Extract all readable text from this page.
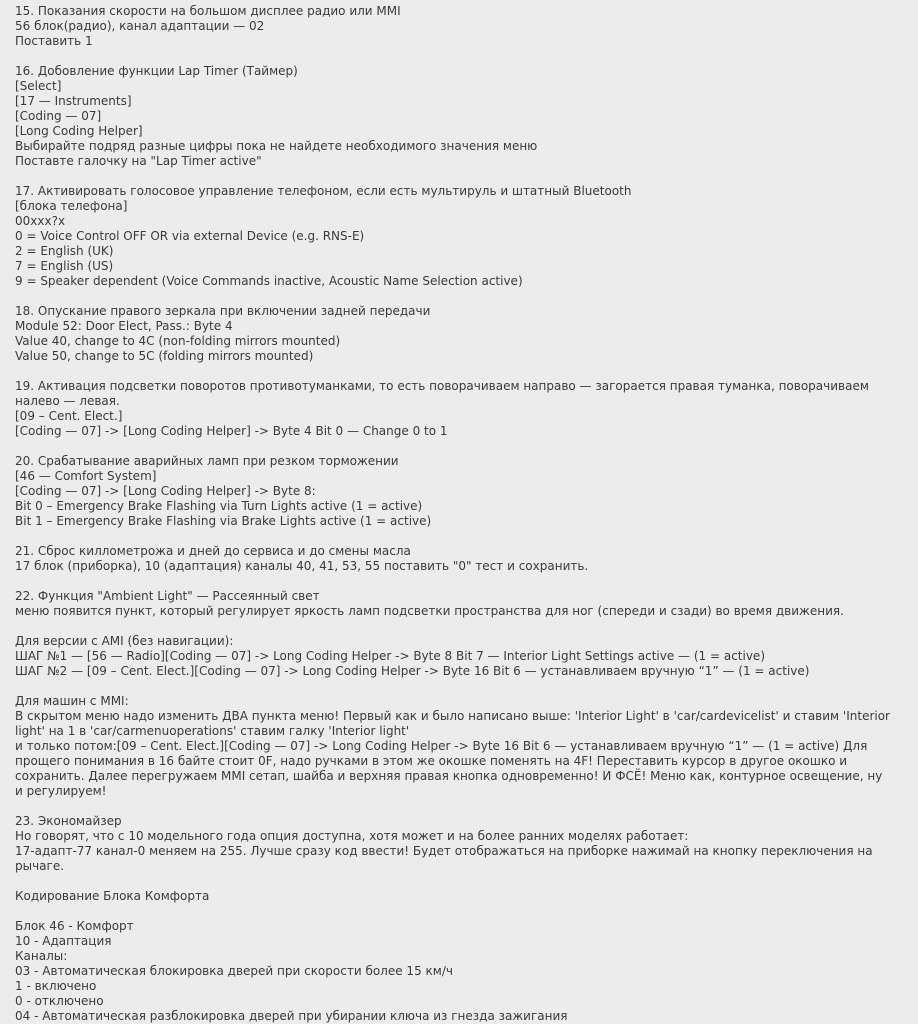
15. Показания скорости на большом дисплее радио или MMI
56 блок(радио), канал адаптации — 02
Поставить 1
16. Добовление функции Lap Timer (Таймер)
[Select]
[17 — Instruments]
[Coding — 07]
[Long Coding Helper]
Выбирайте подряд разные цифры пока не найдете необходимого значения меню
Поставте галочку на "Lap Timer active"
17. Активировать голосовое управление телефоном, если есть мультируль и штатный Bluetooth
[блока телефона]
00xxx?x
0 = Voice Control OFF OR via external Device (e.g. RNS-E)
2 = English (UK)
7 = English (US)
9 = Speaker dependent (Voice Commands inactive, Acoustic Name Selection active)
18. Опускание правого зеркала при включении задней передачи
Module 52: Door Elect, Pass.: Byte 4
Value 40, change to 4C (non-folding mirrors mounted)
Value 50, change to 5C (folding mirrors mounted)
19. Активация подсветки поворотов противотуманками, то есть поворачиваем направо — загорается правая туманка, поворачиваем налево — левая.
[09 – Cent. Elect.]
[Coding — 07] -> [Long Coding Helper] -> Byte 4 Bit 0 — Change 0 to 1
20. Срабатывание аварийных ламп при резком торможении
[46 — Comfort System]
[Coding — 07] -> [Long Coding Helper] -> Byte 8:
Bit 0 – Emergency Brake Flashing via Turn Lights active (1 = active)
Bit 1 – Emergency Brake Flashing via Brake Lights active (1 = active)
21. Сброс киллометрожа и дней до сервиса и до смены масла
17 блок (приборка), 10 (адаптация) каналы 40, 41, 53, 55 поставить "0" тест и сохранить.
22. Функция "Ambient Light" — Рассеянный свет
меню появится пункт, который регулирует яркость ламп подсветки пространства для ног (спереди и сзади) во время движения.
Для версии с AMI (без навигации):
ШАГ №1 — [56 — Radio][Coding — 07] -> Long Coding Helper -> Byte 8 Bit 7 — Interior Light Settings active — (1 = active)
ШАГ №2 — [09 – Cent. Elect.][Coding — 07] -> Long Coding Helper -> Byte 16 Bit 6 — устанавливаем вручную “1” — (1 = active)
Для машин с MMI:
В скрытом меню надо изменить ДВА пункта меню! Первый как и было написано выше: 'Interior Light' в 'car/cardevicelist' и ставим 'Interior light' на 1 в 'car/carmenuoperations' ставим галку 'Interior light'
и только потом:[09 – Cent. Elect.][Coding — 07] -> Long Coding Helper -> Byte 16 Bit 6 — устанавливаем вручную “1” — (1 = active) Для прощего понимания в 16 байте стоит 0F, надо ручками в этом же окошке поменять на 4F! Переставить курсор в другое окошко и сохранить. Далее перегружаем MMI сетап, шайба и верхняя правая кнопка одновременно! И ФСЁ! Меню как, контурное освещение, ну и регулируем!
23. Экономайзер
Но говорят, что с 10 модельного года опция доступна, хотя может и на более ранних моделях работает:
17-адапт-77 канал-0 меняем на 255. Лучше сразу код ввести! Будет отображаться на приборке нажимай на кнопку переключения на рычаге.
Кодирование Блока Комфорта
Блок 46 - Комфорт
10 - Адаптация
Каналы:
03 - Автоматическая блокировка дверей при скорости более 15 км/ч
1 - включено
0 - отключено
04 - Автоматическая разблокировка дверей при убирании ключа из гнезда зажигания
